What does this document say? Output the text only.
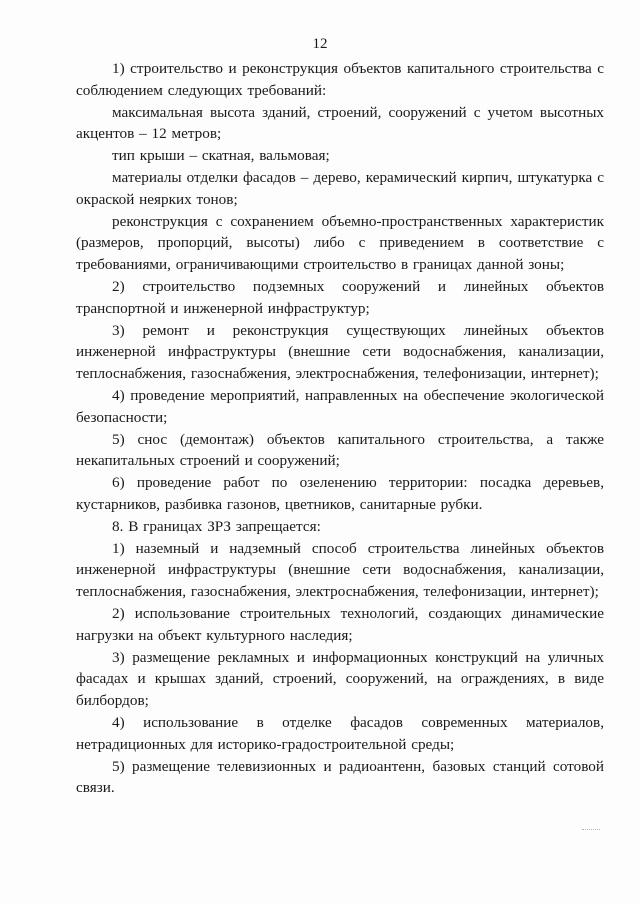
12

1) строительство и реконструкция объектов капитального строительства с соблюдением следующих требований:

максимальная высота зданий, строений, сооружений с учетом высотных акцентов – 12 метров;

тип крыши – скатная, вальмовая;

материалы отделки фасадов – дерево, керамический кирпич, штукатурка с окраской неярких тонов;

реконструкция с сохранением объемно-пространственных характеристик (размеров, пропорций, высоты) либо с приведением в соответствие с требованиями, ограничивающими строительство в границах данной зоны;

2) строительство подземных сооружений и линейных объектов транспортной и инженерной инфраструктур;

3) ремонт и реконструкция существующих линейных объектов инженерной инфраструктуры (внешние сети водоснабжения, канализации, теплоснабжения, газоснабжения, электроснабжения, телефонизации, интернет);

4) проведение мероприятий, направленных на обеспечение экологической безопасности;

5) снос (демонтаж) объектов капитального строительства, а также некапитальных строений и сооружений;

6) проведение работ по озеленению территории: посадка деревьев, кустарников, разбивка газонов, цветников, санитарные рубки.

8. В границах ЗРЗ запрещается:

1) наземный и надземный способ строительства линейных объектов инженерной инфраструктуры (внешние сети водоснабжения, канализации, теплоснабжения, газоснабжения, электроснабжения, телефонизации, интернет);

2) использование строительных технологий, создающих динамические нагрузки на объект культурного наследия;

3) размещение рекламных и информационных конструкций на уличных фасадах и крышах зданий, строений, сооружений, на ограждениях, в виде билбордов;

4) использование в отделке фасадов современных материалов, нетрадиционных для историко-градостроительной среды;

5) размещение телевизионных и радиоантенн, базовых станций сотовой связи.
